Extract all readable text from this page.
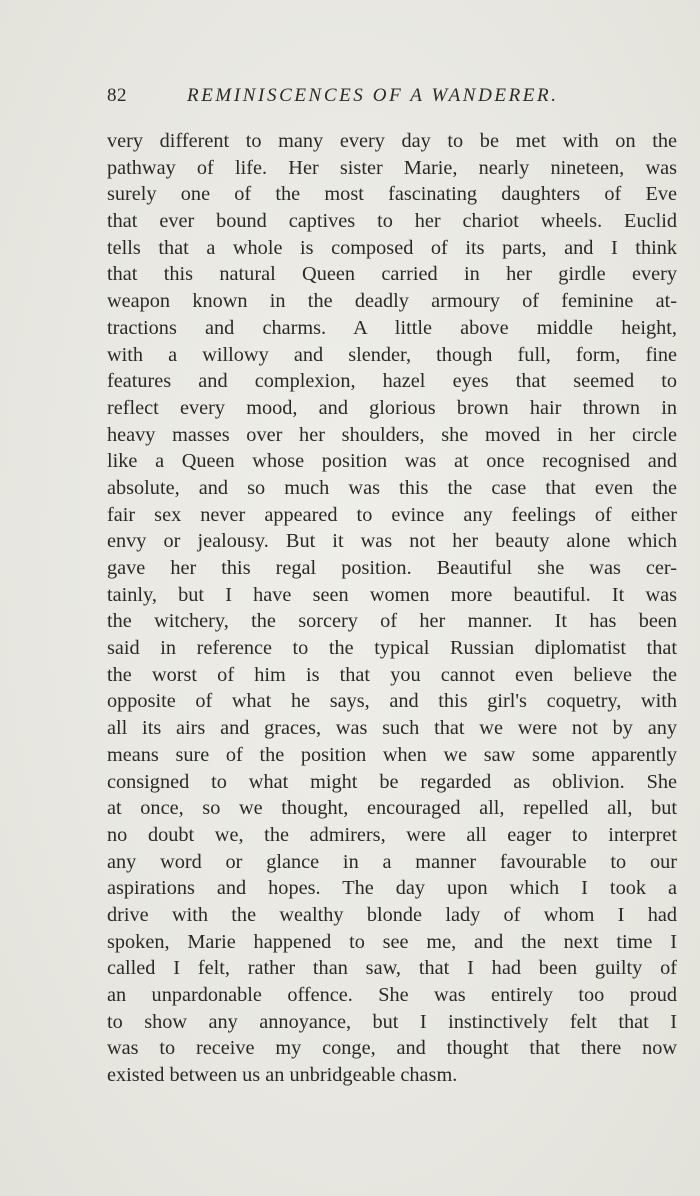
82	REMINISCENCES OF A WANDERER.
very different to many every day to be met with on the
pathway of life. Her sister Marie, nearly nineteen, was
surely one of the most fascinating daughters of Eve
that ever bound captives to her chariot wheels. Euclid
tells that a whole is composed of its parts, and I think
that this natural Queen carried in her girdle every
weapon known in the deadly armoury of feminine at-
tractions and charms. A little above middle height,
with a willowy and slender, though full, form, fine
features and complexion, hazel eyes that seemed to
reflect every mood, and glorious brown hair thrown in
heavy masses over her shoulders, she moved in her circle
like a Queen whose position was at once recognised and
absolute, and so much was this the case that even the
fair sex never appeared to evince any feelings of either
envy or jealousy. But it was not her beauty alone which
gave her this regal position. Beautiful she was cer-
tainly, but I have seen women more beautiful. It was
the witchery, the sorcery of her manner. It has been
said in reference to the typical Russian diplomatist that
the worst of him is that you cannot even believe the
opposite of what he says, and this girl's coquetry, with
all its airs and graces, was such that we were not by any
means sure of the position when we saw some apparently
consigned to what might be regarded as oblivion. She
at once, so we thought, encouraged all, repelled all, but
no doubt we, the admirers, were all eager to interpret
any word or glance in a manner favourable to our
aspirations and hopes. The day upon which I took a
drive with the wealthy blonde lady of whom I had
spoken, Marie happened to see me, and the next time I
called I felt, rather than saw, that I had been guilty of
an unpardonable offence. She was entirely too proud
to show any annoyance, but I instinctively felt that I
was to receive my conge, and thought that there now
existed between us an unbridgeable chasm.
